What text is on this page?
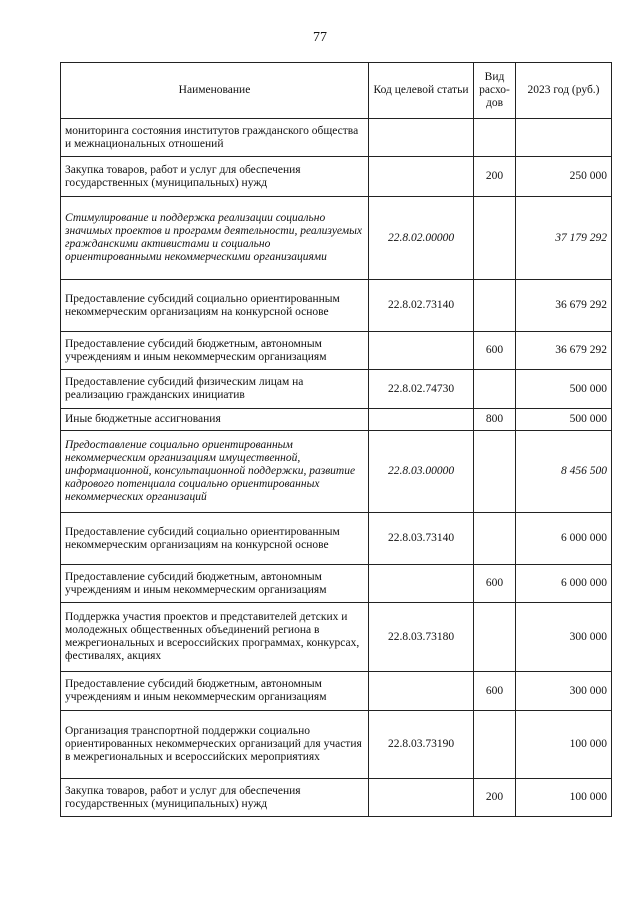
77
Наименование	Код целевой статьи	Вид расхо-дов	2023 год (руб.)
мониторинга состояния институтов гражданского общества и межнациональных отношений			
Закупка товаров, работ и услуг для обеспечения государственных (муниципальных) нужд		200	250 000
Стимулирование и поддержка реализации социально значимых проектов и программ деятельности, реализуемых гражданскими активистами и социально ориентированными некоммерческими организациями	22.8.02.00000		37 179 292
Предоставление субсидий социально ориентированным некоммерческим организациям на конкурсной основе	22.8.02.73140		36 679 292
Предоставление субсидий бюджетным, автономным учреждениям и иным некоммерческим организациям		600	36 679 292
Предоставление субсидий физическим лицам на реализацию гражданских инициатив	22.8.02.74730		500 000
Иные бюджетные ассигнования		800	500 000
Предоставление социально ориентированным некоммерческим организациям имущественной, информационной, консультационной поддержки, развитие кадрового потенциала социально ориентированных некоммерческих организаций	22.8.03.00000		8 456 500
Предоставление субсидий социально ориентированным некоммерческим организациям на конкурсной основе	22.8.03.73140		6 000 000
Предоставление субсидий бюджетным, автономным учреждениям и иным некоммерческим организациям		600	6 000 000
Поддержка участия проектов и представителей детских и молодежных общественных объединений региона в межрегиональных и всероссийских программах, конкурсах, фестивалях, акциях	22.8.03.73180		300 000
Предоставление субсидий бюджетным, автономным учреждениям и иным некоммерческим организациям		600	300 000
Организация транспортной поддержки социально ориентированных некоммерческих организаций для участия в межрегиональных и всероссийских мероприятиях	22.8.03.73190		100 000
Закупка товаров, работ и услуг для обеспечения государственных (муниципальных) нужд		200	100 000
